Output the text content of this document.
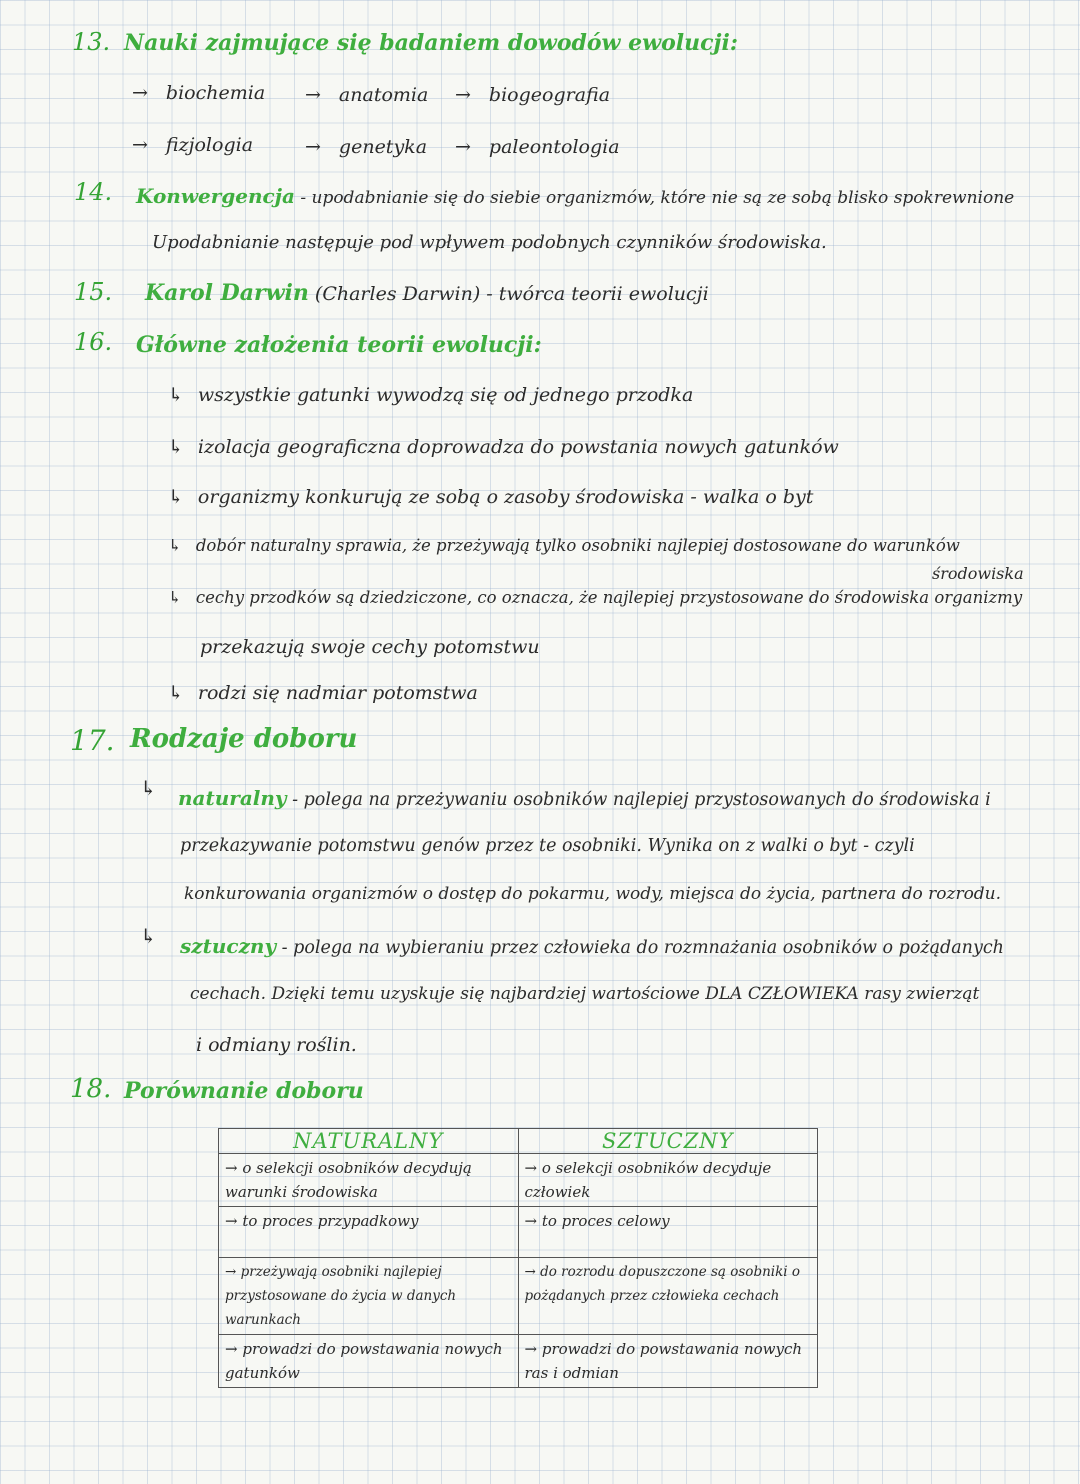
13. Nauki zajmujące się badaniem dowodów ewolucji:
→ biochemia → anatomia → biogeografia
→ fizjologia	→ genetyka → paleontologia
14. Konwergencja - upodabnianie się do siebie organizmów, które nie są ze sobą blisko spokrewnione
Upodabnianie następuje pod wpływem podobnych czynników środowiska.
15. Karol Darwin (Charles Darwin) - twórca teorii ewolucji
16. Główne założenia teorii ewolucji:
↳ wszystkie gatunki wywodzą się od jednego przodka
↳ izolacja geograficzna doprowadza do powstania nowych gatunków
↳ organizmy konkurują ze sobą o zasoby środowiska - walka o byt
↳ dobór naturalny sprawia, że przeżywają tylko osobniki najlepiej dostosowane do warunków
środowiska
↳ cechy przodków są dziedziczone, co oznacza, że najlepiej przystosowane do środowiska organizmy
przekazują swoje cechy potomstwu
↳ rodzi się nadmiar potomstwa
17. Rodzaje doboru
↳ naturalny - polega na przeżywaniu osobników najlepiej przystosowanych do środowiska i
przekazywanie potomstwu genów przez te osobniki. Wynika on z walki o byt - czyli
konkurowania organizmów o dostęp do pokarmu, wody, miejsca do życia, partnera do rozrodu.
↳ sztuczny - polega na wybieraniu przez człowieka do rozmnażania osobników o pożądanych
cechach. Dzięki temu uzyskuje się najbardziej wartościowe DLA CZŁOWIEKA rasy zwierząt
i odmiany roślin.
18. Porównanie doboru
NATURALNY	SZTUCZNY
→ o selekcji osobników decydują warunki środowiska	→ o selekcji osobników decyduje człowiek
→ to proces przypadkowy	→ to proces celowy
→ przeżywają osobniki najlepiej przystosowane do życia w danych warunkach	→ do rozrodu dopuszczone są osobniki o pożądanych przez człowieka cechach
→ prowadzi do powstawania nowych gatunków	→ prowadzi do powstawania nowych ras i odmian
